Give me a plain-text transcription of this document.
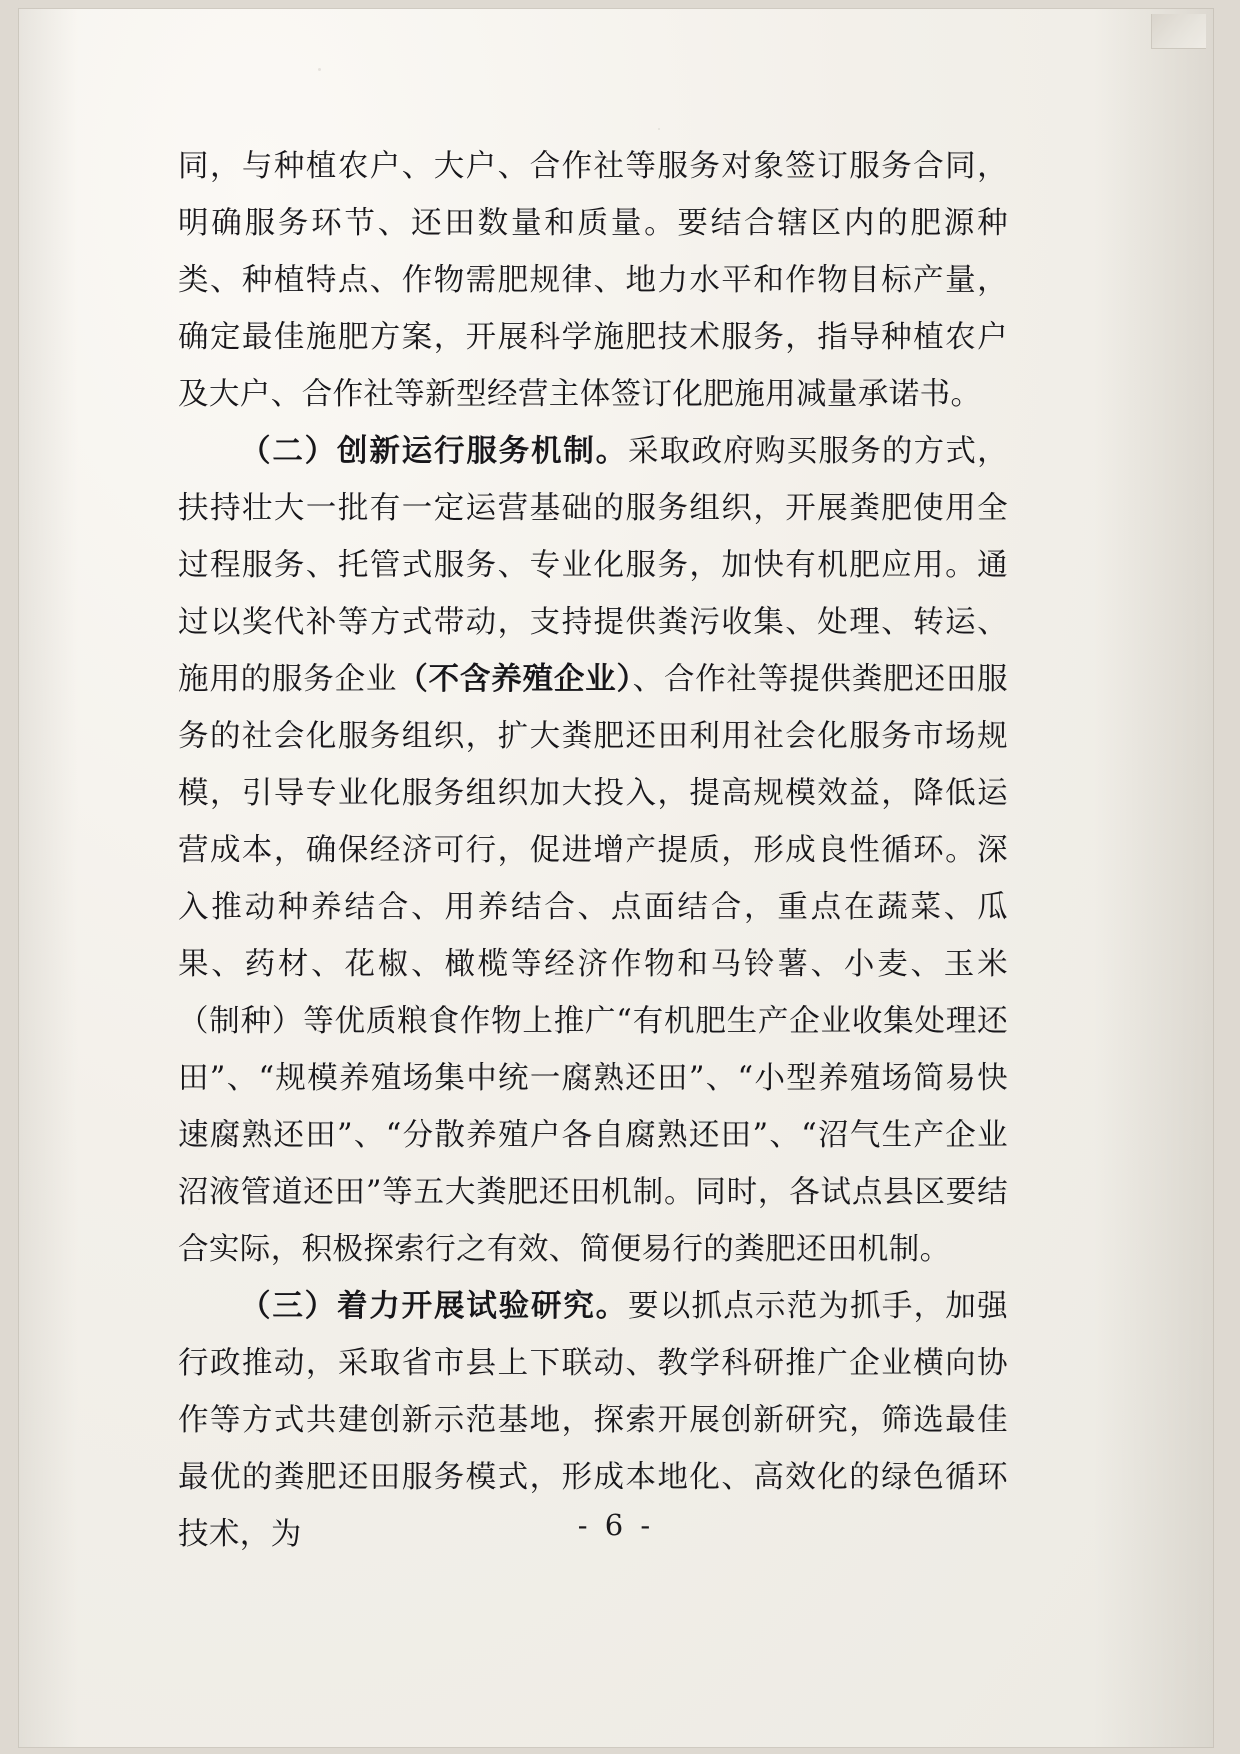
同，与种植农户、大户、合作社等服务对象签订服务合同，明确服务环节、还田数量和质量。要结合辖区内的肥源种类、种植特点、作物需肥规律、地力水平和作物目标产量，确定最佳施肥方案，开展科学施肥技术服务，指导种植农户及大户、合作社等新型经营主体签订化肥施用减量承诺书。

（二）创新运行服务机制。采取政府购买服务的方式，扶持壮大一批有一定运营基础的服务组织，开展粪肥使用全过程服务、托管式服务、专业化服务，加快有机肥应用。通过以奖代补等方式带动，支持提供粪污收集、处理、转运、施用的服务企业（不含养殖企业）、合作社等提供粪肥还田服务的社会化服务组织，扩大粪肥还田利用社会化服务市场规模，引导专业化服务组织加大投入，提高规模效益，降低运营成本，确保经济可行，促进增产提质，形成良性循环。深入推动种养结合、用养结合、点面结合，重点在蔬菜、瓜果、药材、花椒、橄榄等经济作物和马铃薯、小麦、玉米（制种）等优质粮食作物上推广“有机肥生产企业收集处理还田”、“规模养殖场集中统一腐熟还田”、“小型养殖场简易快速腐熟还田”、“分散养殖户各自腐熟还田”、“沼气生产企业沼液管道还田”等五大粪肥还田机制。同时，各试点县区要结合实际，积极探索行之有效、简便易行的粪肥还田机制。

（三）着力开展试验研究。要以抓点示范为抓手，加强行政推动，采取省市县上下联动、教学科研推广企业横向协作等方式共建创新示范基地，探索开展创新研究，筛选最佳最优的粪肥还田服务模式，形成本地化、高效化的绿色循环技术，为	- 6 -
